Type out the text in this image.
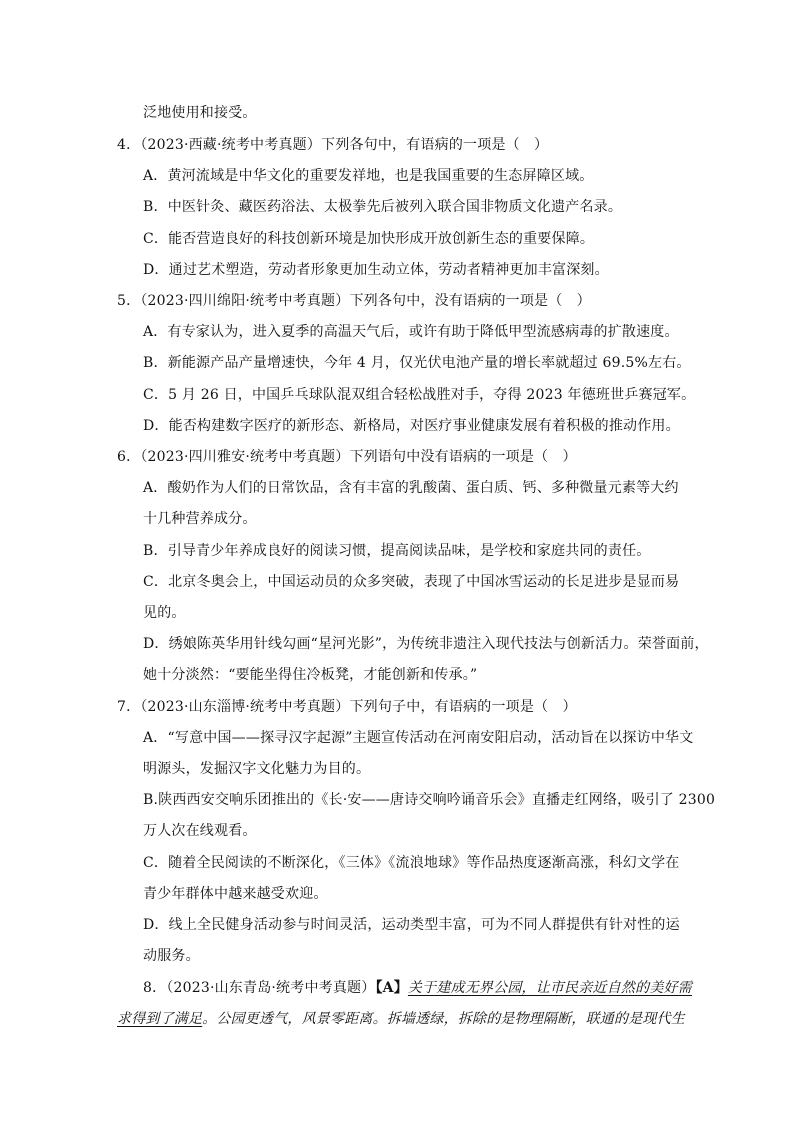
泛地使用和接受。
4．（2023·西藏·统考中考真题）下列各句中，有语病的一项是（　）
A．黄河流域是中华文化的重要发祥地，也是我国重要的生态屏障区域。
B．中医针灸、藏医药浴法、太极拳先后被列入联合国非物质文化遗产名录。
C．能否营造良好的科技创新环境是加快形成开放创新生态的重要保障。
D．通过艺术塑造，劳动者形象更加生动立体，劳动者精神更加丰富深刻。
5．（2023·四川绵阳·统考中考真题）下列各句中，没有语病的一项是（　）
A．有专家认为，进入夏季的高温天气后，或许有助于降低甲型流感病毒的扩散速度。
B．新能源产品产量增速快，今年 4 月，仅光伏电池产量的增长率就超过 69.5%左右。
C．5 月 26 日，中国乒乓球队混双组合轻松战胜对手，夺得 2023 年德班世乒赛冠军。
D．能否构建数字医疗的新形态、新格局，对医疗事业健康发展有着积极的推动作用。
6．（2023·四川雅安·统考中考真题）下列语句中没有语病的一项是（　）
A．酸奶作为人们的日常饮品，含有丰富的乳酸菌、蛋白质、钙、多种微量元素等大约
十几种营养成分。
B．引导青少年养成良好的阅读习惯，提高阅读品味，是学校和家庭共同的责任。
C．北京冬奥会上，中国运动员的众多突破，表现了中国冰雪运动的长足进步是显而易
见的。
D．绣娘陈英华用针线勾画“星河光影”，为传统非遗注入现代技法与创新活力。荣誉面前，
她十分淡然：“要能坐得住冷板凳，才能创新和传承。”
7．（2023·山东淄博·统考中考真题）下列句子中，有语病的一项是（　）
A．“写意中国——探寻汉字起源”主题宣传活动在河南安阳启动，活动旨在以探访中华文
明源头，发掘汉字文化魅力为目的。
B.陕西西安交响乐团推出的《长·安——唐诗交响吟诵音乐会》直播走红网络，吸引了 2300
万人次在线观看。
C．随着全民阅读的不断深化，《三体》《流浪地球》等作品热度逐渐高涨，科幻文学在
青少年群体中越来越受欢迎。
D．线上全民健身活动参与时间灵活，运动类型丰富，可为不同人群提供有针对性的运
动服务。
8．（2023·山东青岛·统考中考真题）【A】关于建成无界公园，让市民亲近自然的美好需
求得到了满足。公园更透气，风景零距离。拆墙透绿，拆除的是物理隔断，联通的是现代生
